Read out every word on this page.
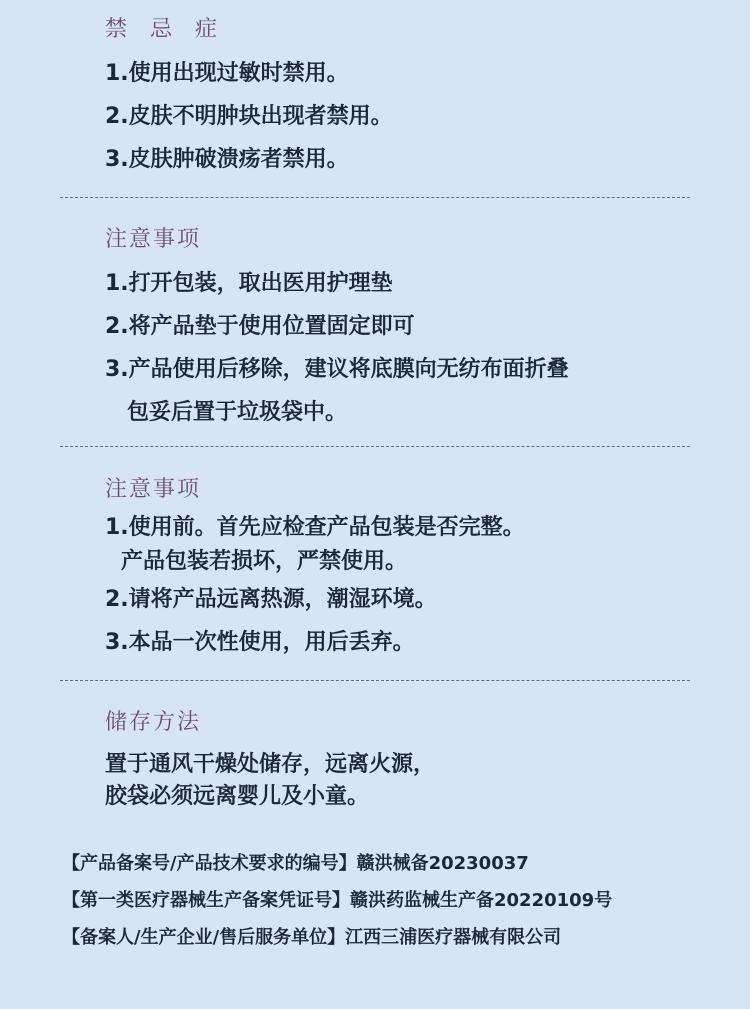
禁 忌 症
1.使用出现过敏时禁用。
2.皮肤不明肿块出现者禁用。
3.皮肤肿破溃疡者禁用。
注意事项
1.打开包装，取出医用护理垫
2.将产品垫于使用位置固定即可
3.产品使用后移除，建议将底膜向无纺布面折叠
包妥后置于垃圾袋中。
注意事项
1.使用前。首先应检查产品包装是否完整。
产品包装若损坏，严禁使用。
2.请将产品远离热源，潮湿环境。
3.本品一次性使用，用后丢弃。
储存方法
置于通风干燥处储存，远离火源，
胶袋必须远离婴儿及小童。
【产品备案号/产品技术要求的编号】赣洪械备20230037
【第一类医疗器械生产备案凭证号】赣洪药监械生产备20220109号
【备案人/生产企业/售后服务单位】江西三浦医疗器械有限公司
